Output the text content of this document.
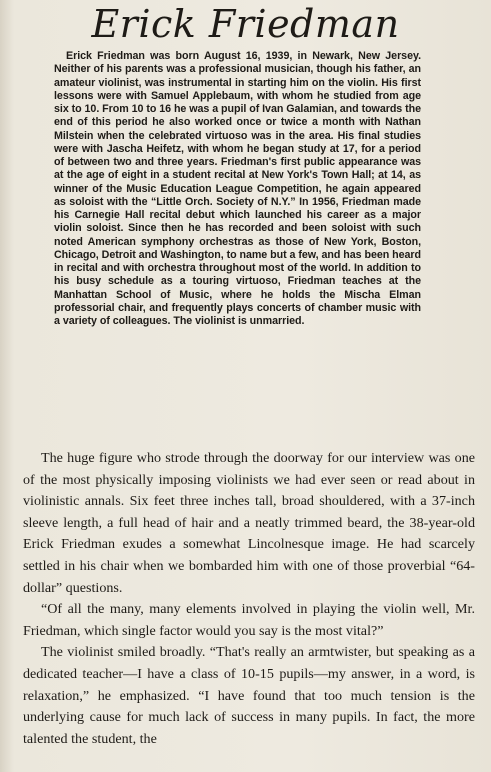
Erick Friedman
Erick Friedman was born August 16, 1939, in Newark, New Jersey. Neither of his parents was a professional musician, though his father, an amateur violinist, was instrumental in starting him on the violin. His first lessons were with Samuel Applebaum, with whom he studied from age six to 10. From 10 to 16 he was a pupil of Ivan Galamian, and towards the end of this period he also worked once or twice a month with Nathan Milstein when the celebrated virtuoso was in the area. His final studies were with Jascha Heifetz, with whom he began study at 17, for a period of between two and three years. Friedman's first public appearance was at the age of eight in a student recital at New York's Town Hall; at 14, as winner of the Music Education League Competition, he again appeared as soloist with the “Little Orch. Society of N.Y.” In 1956, Friedman made his Carnegie Hall recital debut which launched his career as a major violin soloist. Since then he has recorded and been soloist with such noted American symphony orchestras as those of New York, Boston, Chicago, Detroit and Washington, to name but a few, and has been heard in recital and with orchestra throughout most of the world. In addition to his busy schedule as a touring virtuoso, Friedman teaches at the Manhattan School of Music, where he holds the Mischa Elman professorial chair, and frequently plays concerts of chamber music with a variety of colleagues. The violinist is unmarried.

The huge figure who strode through the doorway for our interview was one of the most physically imposing violinists we had ever seen or read about in violinistic annals. Six feet three inches tall, broad shouldered, with a 37-inch sleeve length, a full head of hair and a neatly trimmed beard, the 38-year-old Erick Friedman exudes a somewhat Lincolnesque image. He had scarcely settled in his chair when we bombarded him with one of those proverbial “64-dollar” questions.

“Of all the many, many elements involved in playing the violin well, Mr. Friedman, which single factor would you say is the most vital?”

The violinist smiled broadly. “That's really an armtwister, but speaking as a dedicated teacher—I have a class of 10-15 pupils—my answer, in a word, is relaxation,” he emphasized. “I have found that too much tension is the underlying cause for much lack of success in many pupils. In fact, the more talented the student, the
